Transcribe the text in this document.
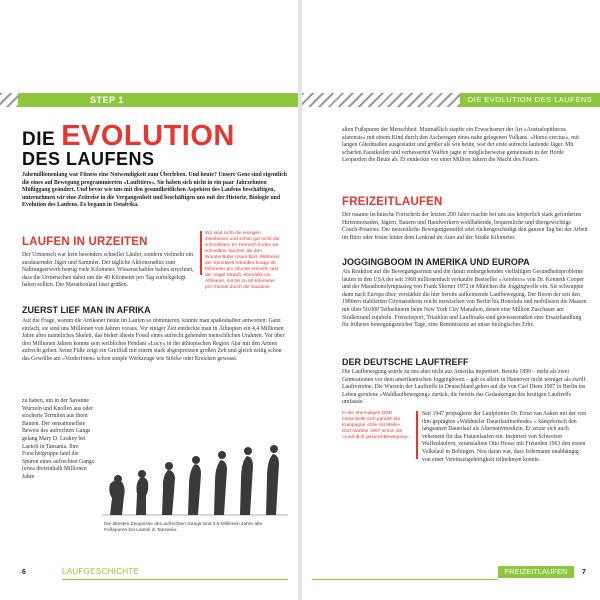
STEP 1
DIE EVOLUTION
DES LAUFENS

Jahrmillionenlang war Fitness eine Notwendigkeit zum Überleben. Und heute? Unsere Gene sind eigentlich die eines auf Bewegung programmierten »Laufttiers«. Sie haben sich nicht in ein paar Jahrzehnten Müßiggang geändert. Und bevor wir uns mit den gesundheitlichen Aspekten des Laufens beschäftigen, unternehmen wir eine Zeitreise in die Vergangenheit und beschäftigen uns mit der Historie, Biologie und Evolution des Laufens. Es begann in Ostafrika.

LAUFEN IN URZEITEN

Der Urmensch war kein besonders schneller Läufer, sondern vielmehr ein ausdauernder Jäger und Sammler. Der tägliche Aktionsradius zum Nahrungserwerb betrug viele Kilometer. Wissenschaftler haben errechnet, dass die Urmenschen dabei um die 40 Kilometer pro Tag zurückgelegt haben sollten. Der Marathonlauf lässt grüßen.

Wir sind nicht die einzigen Zweibeiner und schon gar nicht die schnellsten. Im Tierreich finden wir schnellere Sprinter als den Wunderläufer Usain Bolt. Während der Sprintwelt rekordler knapp 38 Kilometer pro Stunde erreicht, rast der Vogel Strauß, ebenfalls ein Afrikaner, mit bis zu 60 Kilometer pro Stunde durch die Savanne.

ZUERST LIEF MAN IN AFRIKA

Auf die Frage, warum die Afrikaner heute im Laufen so dominieren, könnte man spaßeshalber antworten: Ganz einfach, sie sind uns Millionen von Jahren voraus. Vor einiger Zeit entdeckte man in Äthiopien ein 4,4 Millionen Jahre altes männliches Skelett, das bisher älteste Fossil eines aufrecht gehenden menschlichen Urahnen. Vor über drei Millionen Jahren konnte sein weibliches Pendant »Lucy« in der äthiopischen Region Afar mit den Armen aufrecht gehen. Seine Füße zeigt ein Greiffuß mit einem stark abgespreizten großen Zeh und gleich zeitig schon das Gewölbe am »Vorderfoten« schon simple Werkzeuge wie Stöcke oder Knochen gewusst.

zu haben, um in der Savanne Wurzeln und Knollen aus oder stocherte Termiten aus ihren Bauten. Der sensationellste Beweis des aufrechten Gangs gelang Mary D. Leakey bei Laetoli in Tansania. Ihre Forschergruppe fand die Spuren eines aufrechten Gangs (etwa dreieinhalb Millionen Jahre

Die ältesten Zeugnisse des aufrechten Gangs sind 3,5 Millionen Jahre alte Fußspuren bei Laetoli in Tansania.

6	LAUFGESCHICHTE
DIE EVOLUTION DES LAUFENS

alten Fußspuren der Menschheit. Mutmaßlich stapfte ein Erwachsener der Art »Australopithecus afarensis« mit einem Kind durch den Ascheregen eines nahe gelegenen Vulkans. »Homo erectus«, mit langen Gliedmaßen ausgestattet und größer als wie heute, war der erste aufrecht laufende Jäger. Mit scharfen Faustkeilen und verbesserten Waffen jagte er möglicherweise gemeinsam in der Horde Leoparden die Beute ab. Er entdeckte vor einer Million Jahren die Macht des Feuers.

FREIZEITLAUFEN

Der rasante technische Fortschritt der letzten 200 Jahre machte bei uns aus körperlich stark geforderten Hirtenmonaden, Jägern, Bauern und Handwerkern wohlhabende, bequemliche und übergewichtige Couch-Potatoes. Der neuzeitliche Bewegungsmuffel sitzt rückengeschädigt den ganzen Tag bei der Arbeit im Büro oder fristet hinter dem Lenkrad im Auto auf der Straße Kilometer.

JOGGINGBOOM IN AMERIKA UND EUROPA

Als Reaktion auf die Bewegungsarmut und die damit einhergehenden vielfältigen Gesundheitsprobleme läuten in den USA der seit 1968 millionenfach verkaufte Bestseller »Aerobics« von Dr. Kenneth Cooper und der Marathonolympiasieg von Frank Shorter 1972 in München die Joggingwelle ein. Sie schwappte dann nach Europa über, verstärkte die hier bereits aufkeimende Laufbewegung. Der Boom der seit den 1980ern etablierten Citymarathons reicht inzwischen von Berlin bis Honolulu und mobilisiert die Massen mit über 50.000 Teilnehmern beim New York City Marathon, denen eine Million Zuschauer am Straßenrand zujubeln. Freizeitsport, Triathlon und Lauffreaks sind gewissermaßen eine Ersatzhandlung für früheres bewegungsreicher Tage, eine Reminiszenz an unser biologisches Erbe.

DER DEUTSCHE LAUFTREFF

Die Laufbewegung wurde zu uns aber nicht aus Amerika importiert. Bereits 1899 – mehr als zwei Generationen vor dem amerikanischen Joggingboom – gab es allein in Hannover nicht weniger als zwölf Lauftvereine. Die Wurzeln der Lauftreffs in Deutschland gehen auf die von Carl Diem 1907 in Berlin ins Leben gerufene »Waldlaufbewegung« zurück, die bereits das Gedankengut des heutigen Lauftreffs umfasste.

In der ehemaligen DDR entwickelte sich parallel die Kampagne »Eile mit Meile«. Dort startete 1967 schon die »Lauf-dich-gesund-Bewegung«.

Seit 1947 propagierte der Laufpionier Dr. Ernst van Aaken mit der von ihm geprägten »Waldnieler Dauerlaufmethode« « kämpferisch den langsamen Dauerlauf als Alternativmedizin. Er setzte sich auch vehement für das Frauenlaufen ein. Inspiriert von Schweizer Waffenläufern, veranstaltete Otto Hosse mit Freunden 1963 den ersten Volkslauf in Bobingen. Neu daran war, dass Jedermann unabhängig von einer Vereinszugehörigkeit teilnehmen konnte.

FREIZEITLAUFEN	7
